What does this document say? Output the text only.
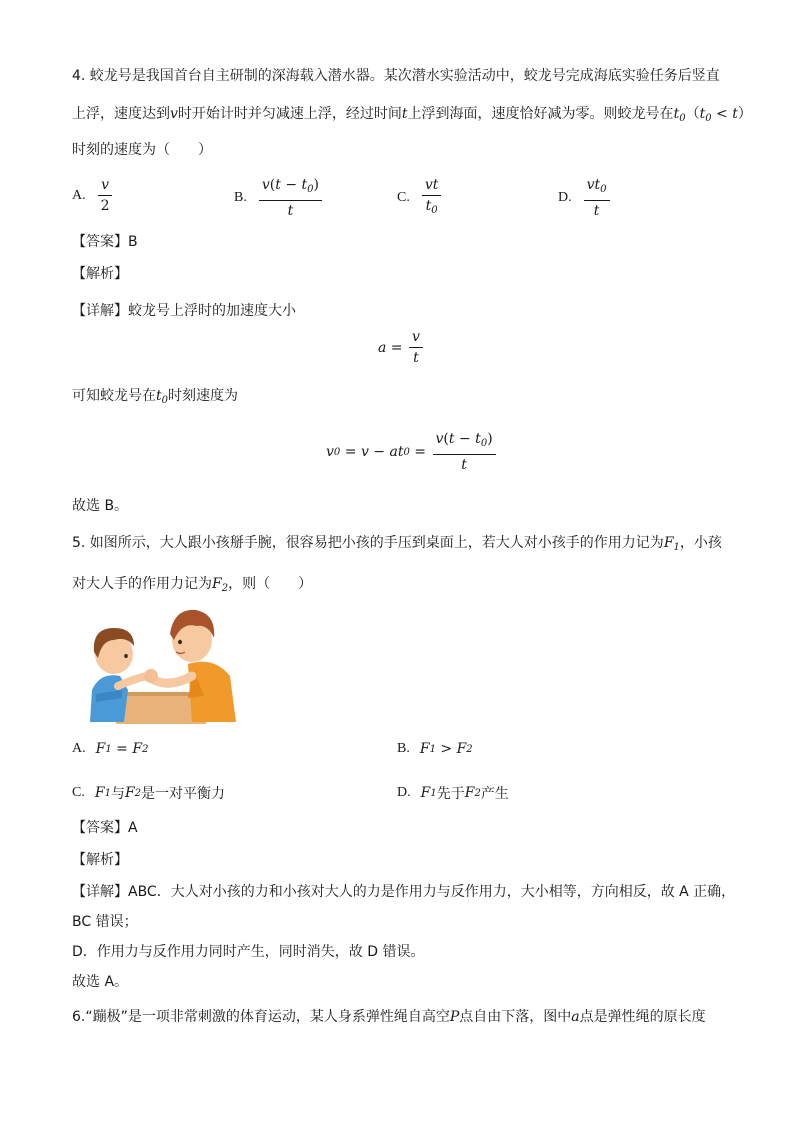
4. 蛟龙号是我国首台自主研制的深海载入潜水器。某次潜水实验活动中，蛟龙号完成海底实验任务后竖直
上浮，速度达到v时开始计时并匀减速上浮，经过时间t上浮到海面，速度恰好减为零。则蛟龙号在$t_0(t_0 < t)$
时刻的速度为（　　）
A. $\frac{v}{2}$	B. $\frac{v(t - t_0)}{t}$	C. $\frac{vt}{t_0}$	D. $\frac{vt_0}{t}$
【答案】B
【解析】
【详解】蛟龙号上浮时的加速度大小
$a = \frac{v}{t}$
可知蛟龙号在$t_0$时刻速度为
v 0 = v − at $0 = \frac{v(t - t_0)}{t}$
故选 B。
5. 如图所示，大人跟小孩掰手腕，很容易把小孩的手压到桌面上，若大人对小孩手的作用力记为$F_1$，小孩
对大人手的作用力记为$F_2$，则（　　）
A. F 1 = F 2	B. F 1 > F 2
C. F 1 与 F 2 是一对平衡力	D. F 1 先于 F 2 产生
【答案】A
【解析】
【详解】ABC．大人对小孩的力和小孩对大人的力是作用力与反作用力，大小相等，方向相反，故 A 正确，
BC 错误；
D．作用力与反作用力同时产生，同时消失，故 D 错误。
故选 A。
6.“蹦极”是一项非常刺激的体育运动，某人身系弹性绳自高空P点自由下落，图中a点是弹性绳的原长度
